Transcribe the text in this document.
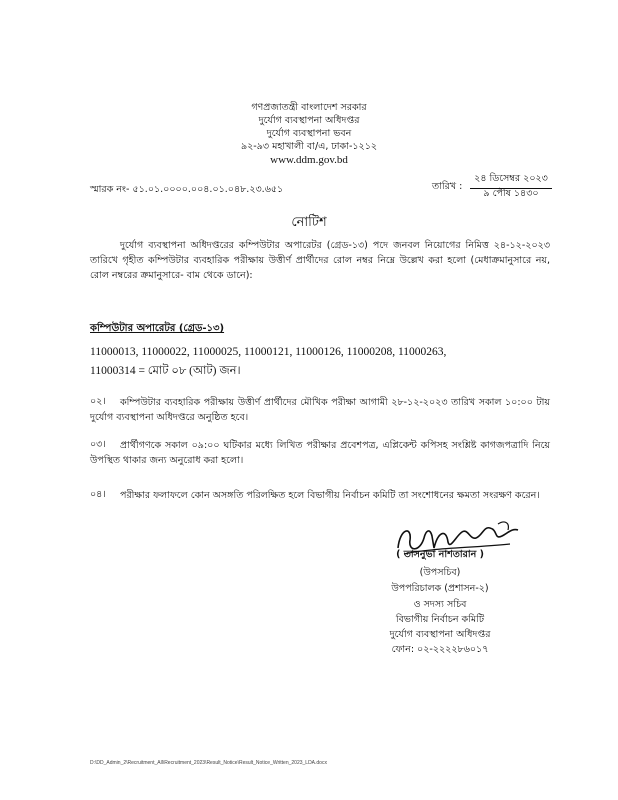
গণপ্রজাতন্ত্রী বাংলাদেশ সরকার
দুর্যোগ ব্যবস্থাপনা অধিদপ্তর
দুর্যোগ ব্যবস্থাপনা ভবন
৯২-৯৩ মহাখালী বা/এ, ঢাকা-১২১২
www.ddm.gov.bd
স্মারক নং- ৫১.০১.০০০০.০০৪.০১.০৪৮.২৩.৬৫১	তারিখ :
২৪ ডিসেম্বর ২০২৩
৯ পৌষ ১৪৩০
নোটিশ
দুর্যোগ ব্যবস্থাপনা অধিদপ্তরের কম্পিউটার অপারেটর (গ্রেড-১৩) পদে জনবল নিয়োগের নিমিত্ত ২৪-১২-২০২৩ তারিখে গৃহীত কম্পিউটার ব্যবহারিক পরীক্ষায় উত্তীর্ণ প্রার্থীদের রোল নম্বর নিম্নে উল্লেখ করা হলো (মেধাক্রমানুসারে নয়, রোল নম্বরের ক্রমানুসারে- বাম থেকে ডানে):
কম্পিউটার অপারেটর (গ্রেড-১৩)
11000013, 11000022, 11000025, 11000121, 11000126, 11000208, 11000263,
11000314 = মোট ০৮ (আট) জন।
০২।	কম্পিউটার ব্যবহারিক পরীক্ষায় উত্তীর্ণ প্রার্থীদের মৌখিক পরীক্ষা আগামী ২৮-১২-২০২৩ তারিখ সকাল ১০:০০ টায় দুর্যোগ ব্যবস্থাপনা অধিদপ্তরে অনুষ্ঠিত হবে।
০৩।	প্রার্থীগণকে সকাল ০৯:০০ ঘটিকার মধ্যে লিখিত পরীক্ষার প্রবেশপত্র, এপ্লিকেন্ট কপিসহ সংশ্লিষ্ট কাগজপত্রাদি নিয়ে উপস্থিত থাকার জন্য অনুরোধ করা হলো।
০৪।	পরীক্ষার ফলাফলে কোন অসঙ্গতি পরিলক্ষিত হলে বিভাগীয় নির্বাচন কমিটি তা সংশোধনের ক্ষমতা সংরক্ষণ করেন।
( তাসনুভা নাশতারান )
(উপসচিব)
উপপরিচালক (প্রশাসন-২)
ও সদস্য সচিব
বিভাগীয় নির্বাচন কমিটি
দুর্যোগ ব্যবস্থাপনা অধিদপ্তর
ফোন: ০২-২২২২৮৬০১৭
D:\DD_Admin_2\Recruitment_All\Recruitment_2023\Result_Notice\Result_Notice_Written_2023_LDA.docx
